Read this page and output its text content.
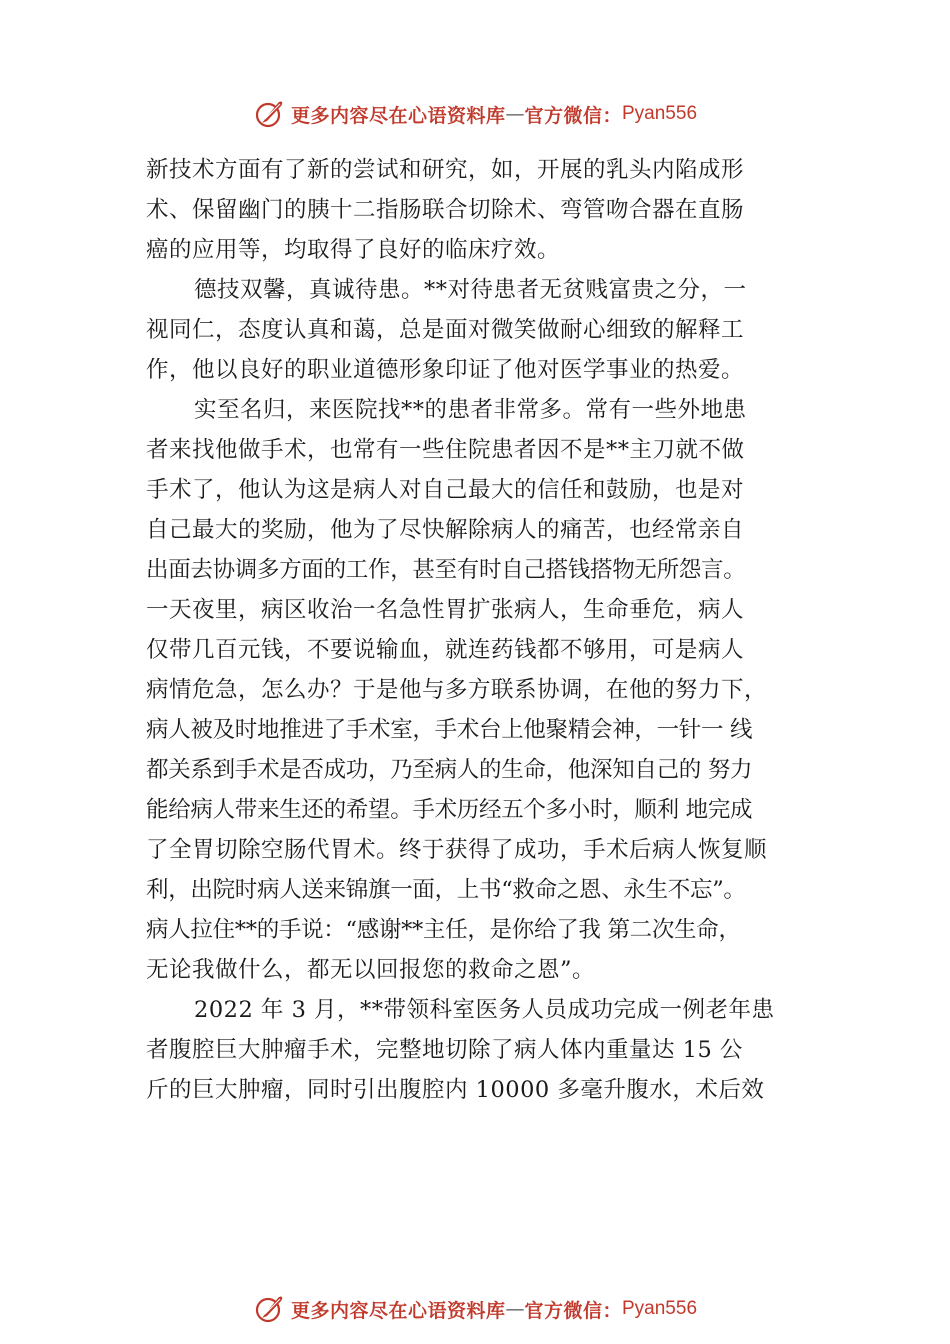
更多内容尽在心语资料库 — 官方微信： Pyan556
新技术方面有了新的尝试和研究，如，开展的乳头内陷成形
术、保留幽门的胰十二指肠联合切除术、弯管吻合器在直肠
癌的应用等，均取得了良好的临床疗效。
德技双馨，真诚待患。**对待患者无贫贱富贵之分，一
视同仁，态度认真和蔼，总是面对微笑做耐心细致的解释工
作，他以良好的职业道德形象印证了他对医学事业的热爱。
实至名归，来医院找**的患者非常多。常有一些外地患
者来找他做手术，也常有一些住院患者因不是**主刀就不做
手术了，他认为这是病人对自己最大的信任和鼓励，也是对
自己最大的奖励，他为了尽快解除病人的痛苦，也经常亲自
出面去协调多方面的工作，甚至有时自己搭钱搭物无所怨言。
一天夜里，病区收治一名急性胃扩张病人，生命垂危，病人
仅带几百元钱，不要说输血，就连药钱都不够用，可是病人
病情危急，怎么办？于是他与多方联系协调，在他的努力下，
病人被及时地推进了手术室，手术台上他聚精会神，一针一 线
都关系到手术是否成功，乃至病人的生命，他深知自己的 努力
能给病人带来生还的希望。手术历经五个多小时，顺利 地完成
了全胃切除空肠代胃术。终于获得了成功，手术后病人恢复顺
利，出院时病人送来锦旗一面，上书“救命之恩、永生不忘”。
病人拉住**的手说：“感谢**主任，是你给了我 第二次生命，
无论我做什么，都无以回报您的救命之恩”。
2022 年 3 月，**带领科室医务人员成功完成一例老年患
者腹腔巨大肿瘤手术，完整地切除了病人体内重量达 15 公
斤的巨大肿瘤，同时引出腹腔内 10000 多毫升腹水，术后效
更多内容尽在心语资料库 — 官方微信： Pyan556
